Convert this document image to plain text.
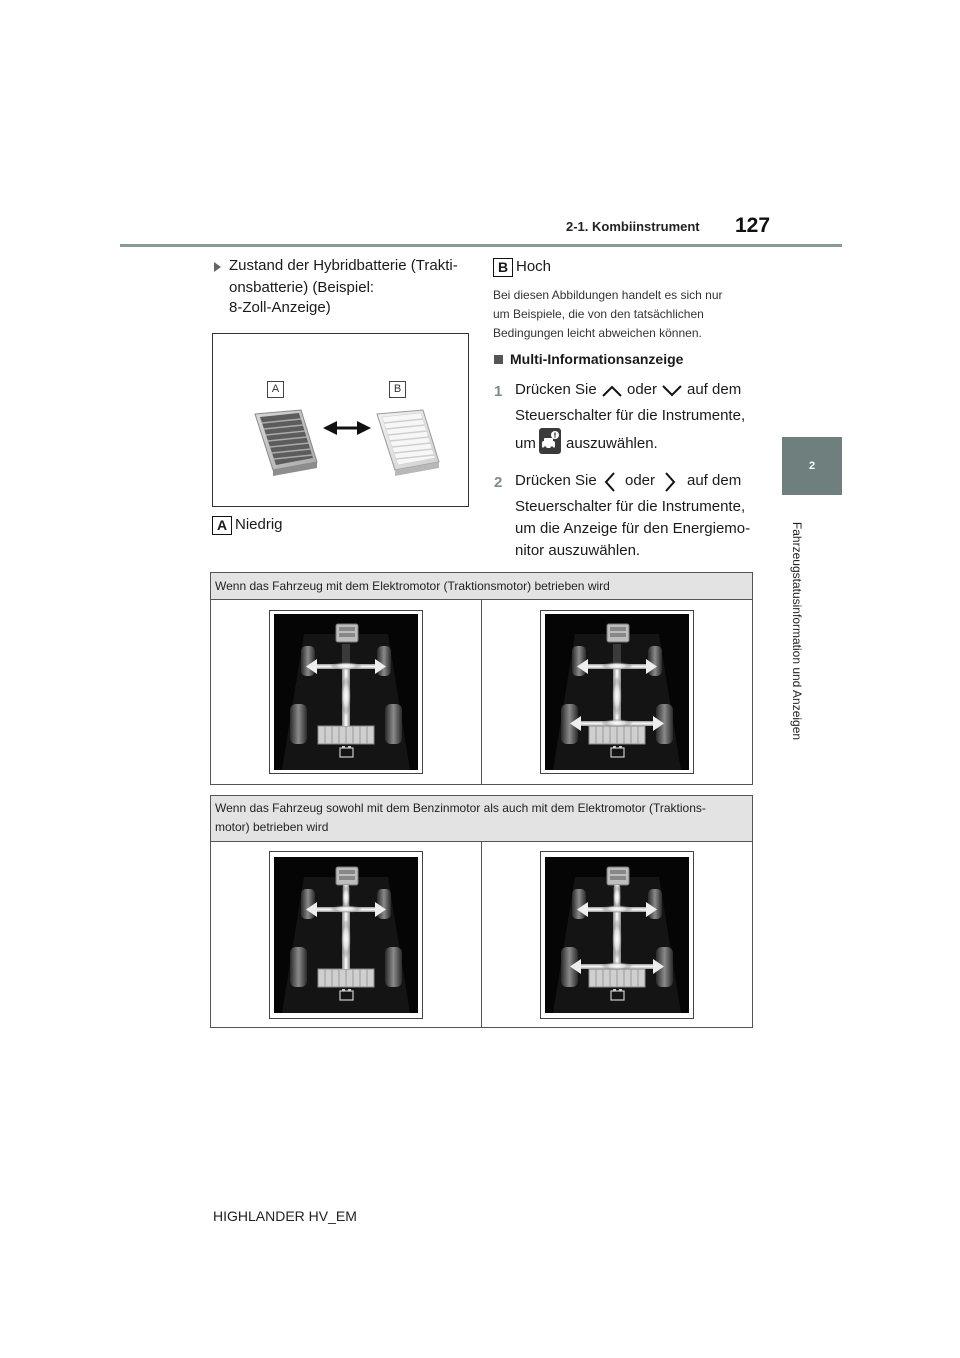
2-1. Kombiinstrument 127
2
Fahrzeugstatusinformation und Anzeigen
Zustand der Hybridbatterie (Trakti-
onsbatterie) (Beispiel:
8-Zoll-Anzeige)
A	B
A Niedrig
B Hoch
Bei diesen Abbildungen handelt es sich nur
um Beispiele, die von den tatsächlichen
Bedingungen leicht abweichen können.
Multi-Informationsanzeige
1 Drücken Sie oder auf dem
Steuerschalter für die Instrumente,
um auszuwählen.
2 Drücken Sie oder auf dem
Steuerschalter für die Instrumente,
um die Anzeige für den Energiemo-
nitor auszuwählen.
Wenn das Fahrzeug mit dem Elektromotor (Traktionsmotor) betrieben wird
Wenn das Fahrzeug sowohl mit dem Benzinmotor als auch mit dem Elektromotor (Traktions-
motor) betrieben wird
HIGHLANDER HV_EM
